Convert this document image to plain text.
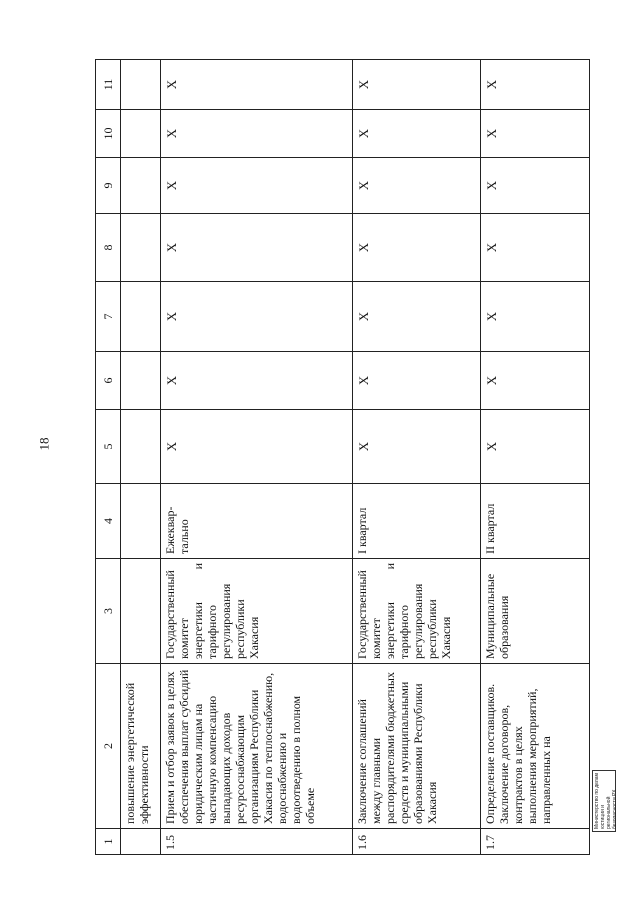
18
1	2	3	4	5	6	7	8	9	10	11
	повышение энергетической эффективности									
1.5	Прием и отбор заявок в целях обеспечения выплат субсидий юридическим лицам на частичную компенсацию выпадающих доходов ресурсоснабжающим организациям Республики Хакасия по теплоснабжению, водоснабжению и водоотведению в полном объеме	Государственный комитет энергетики и тарифного регулирования республики Хакасия	Ежеквар-тально	X	X	X	X	X	X	X
1.6	Заключение соглашений между главными распорядителями бюджетных средств и муниципальными образованиями Республики Хакасия	Государственный комитет энергетики и тарифного регулирования республики Хакасия	I квартал	X	X	X	X	X	X	X
1.7	Определение поставщиков. Заключение договоров, контрактов в целях выполнения мероприятий, направленных на	Муниципальные образования	II квартал	X	X	X	X	X	X	X
Министерство по делам юстиции и региональной безопасности РХ
